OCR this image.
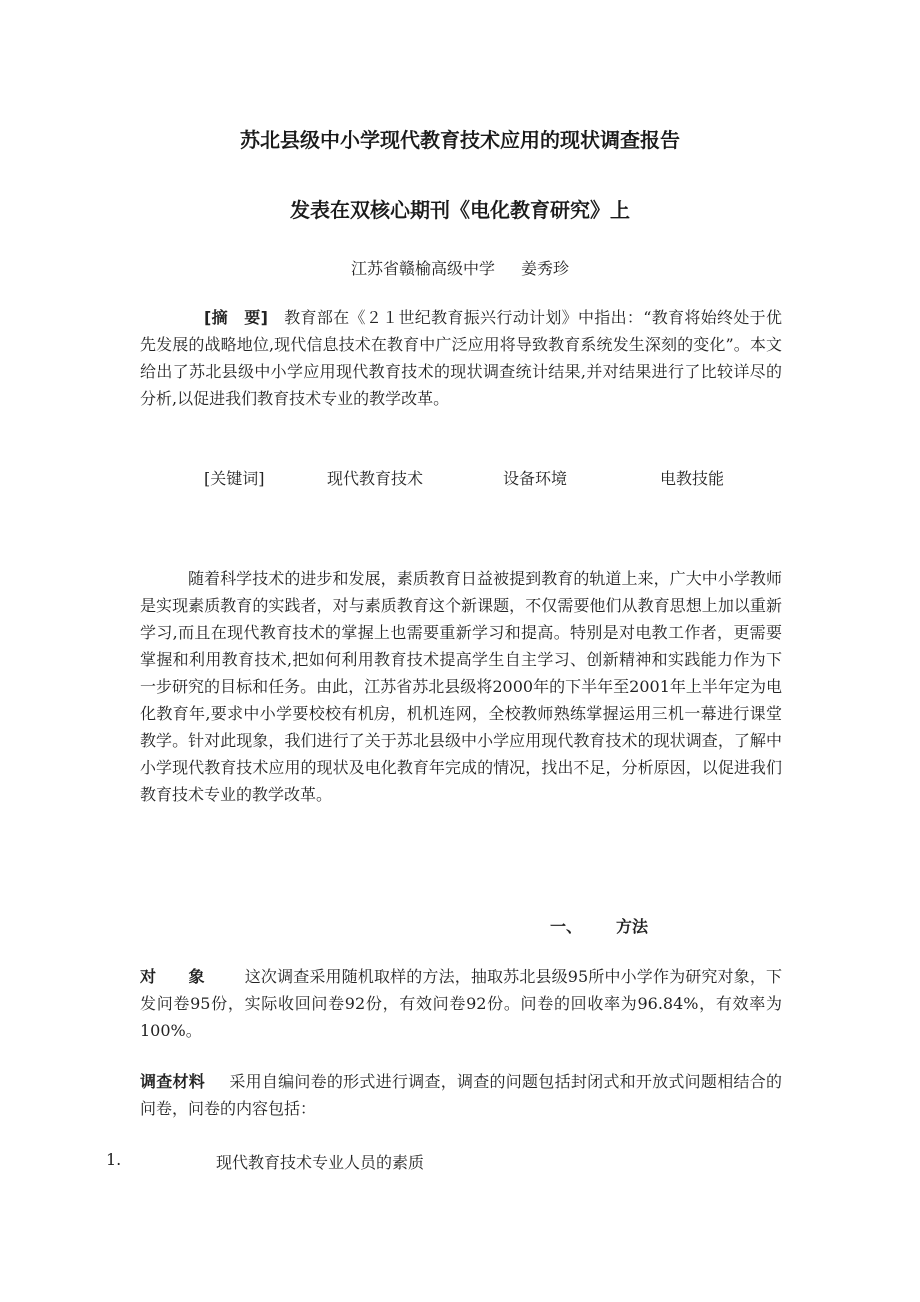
苏北县级中小学现代教育技术应用的现状调查报告
发表在双核心期刊《电化教育研究》上
江苏省赣榆高级中学 姜秀珍
[摘　要] 教育部在《２１世纪教育振兴行动计划》中指出：“教育将始终处于优先发展的战略地位,现代信息技术在教育中广泛应用将导致教育系统发生深刻的变化”。本文给出了苏北县级中小学应用现代教育技术的现状调查统计结果,并对结果进行了比较详尽的分析,以促进我们教育技术专业的教学改革。
[关键词]	现代教育技术	设备环境	电教技能
随着科学技术的进步和发展，素质教育日益被提到教育的轨道上来，广大中小学教师是实现素质教育的实践者，对与素质教育这个新课题，不仅需要他们从教育思想上加以重新学习,而且在现代教育技术的掌握上也需要重新学习和提高。特别是对电教工作者，更需要掌握和利用教育技术,把如何利用教育技术提高学生自主学习、创新精神和实践能力作为下一步研究的目标和任务。由此，江苏省苏北县级将2000年的下半年至2001年上半年定为电化教育年,要求中小学要校校有机房，机机连网，全校教师熟练掌握运用三机一幕进行课堂教学。针对此现象，我们进行了关于苏北县级中小学应用现代教育技术的现状调查，了解中小学现代教育技术应用的现状及电化教育年完成的情况，找出不足，分析原因，以促进我们教育技术专业的教学改革。
一、 方法
对　　象	这次调查采用随机取样的方法，抽取苏北县级95所中小学作为研究对象，下发问卷95份，实际收回问卷92份，有效问卷92份。问卷的回收率为96.84%，有效率为100%。
调查材料 采用自编问卷的形式进行调查，调查的问题包括封闭式和开放式问题相结合的问卷，问卷的内容包括：
1.	现代教育技术专业人员的素质
